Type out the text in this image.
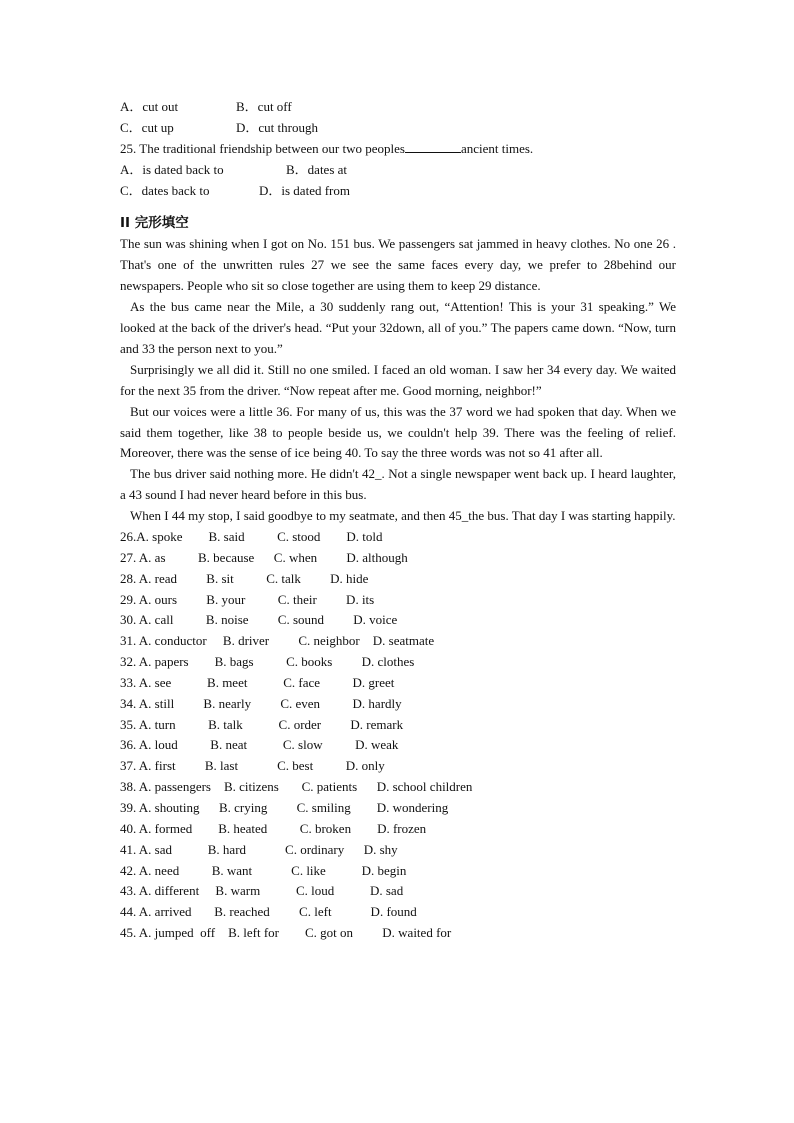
A．cut out	B．cut off
C．cut up	D．cut through
25. The traditional friendship between our two peoples	ancient times.
A．is dated back to	B．dates at
C．dates back to	D．is dated from
II 完形填空
The sun was shining when I got on No. 151 bus. We passengers sat jammed in heavy clothes. No one 26 . That's one of the unwritten rules 27 we see the same faces every day, we prefer to 28behind our newspapers. People who sit so close together are using them to keep 29 distance.
As the bus came near the Mile, a 30 suddenly rang out, “Attention! This is your 31 speaking.” We looked at the back of the driver's head. “Put your 32down, all of you.” The papers came down. “Now, turn and 33 the person next to you.”
Surprisingly we all did it. Still no one smiled. I faced an old woman. I saw her 34 every day. We waited for the next 35 from the driver. “Now repeat after me. Good morning, neighbor!”
But our voices were a little 36. For many of us, this was the 37 word we had spoken that day. When we said them together, like 38 to people beside us, we couldn't help 39. There was the feeling of relief. Moreover, there was the sense of ice being 40. To say the three words was not so 41 after all.
The bus driver said nothing more. He didn't 42_. Not a single newspaper went back up. I heard laughter, a 43 sound I had never heard before in this bus.
When I 44 my stop, I said goodbye to my seatmate, and then 45_the bus. That day I was starting happily.
26.A. spoke        B. said          C. stood        D. told
27. A. as          B. because      C. when         D. although
28. A. read         B. sit          C. talk         D. hide
29. A. ours         B. your          C. their         D. its
30. A. call          B. noise         C. sound         D. voice
31. A. conductor     B. driver         C. neighbor    D. seatmate
32. A. papers        B. bags          C. books         D. clothes
33. A. see           B. meet           C. face          D. greet
34. A. still         B. nearly         C. even          D. hardly
35. A. turn          B. talk           C. order         D. remark
36. A. loud          B. neat           C. slow          D. weak
37. A. first         B. last            C. best          D. only
38. A. passengers    B. citizens       C. patients      D. school children
39. A. shouting      B. crying         C. smiling        D. wondering
40. A. formed        B. heated          C. broken        D. frozen
41. A. sad           B. hard            C. ordinary      D. shy
42. A. need          B. want            C. like           D. begin
43. A. different     B. warm           C. loud           D. sad
44. A. arrived       B. reached         C. left            D. found
45. A. jumped  off    B. left for        C. got on         D. waited for
